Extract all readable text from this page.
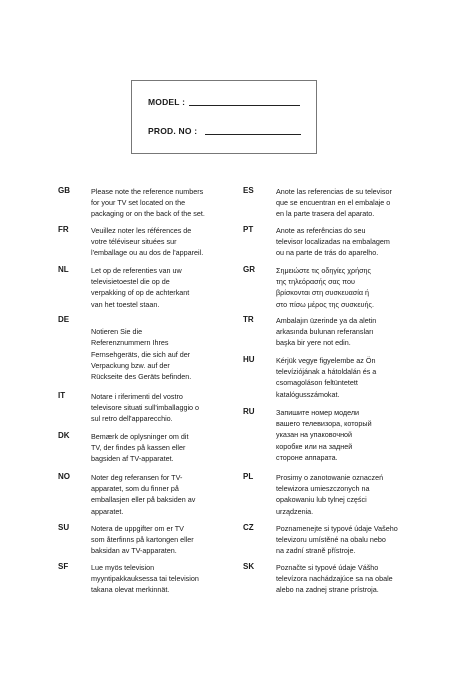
MODEL :
PROD. NO :
GB	Please note the reference numbers
for your TV set located on the
packaging or on the back of the set.
FR	Veuillez noter les références de
votre téléviseur situées sur
l'emballage ou au dos de l'appareil.
NL	Let op de referenties van uw
televisietoestel die op de
verpakking of op de achterkant
van het toestel staan.
DE
Notieren Sie die
Referenznummern Ihres
Fernsehgeräts, die sich auf der
Verpackung bzw. auf der
Rückseite des Geräts befinden.
IT	Notare i riferimenti del vostro
televisore situati sull'imballaggio o
sul retro dell'apparecchio.
DK	Bemærk de oplysninger om dit
TV, der findes på kassen eller
bagsiden af TV-apparatet.
NO	Noter deg referansen for TV-
apparatet, som du finner på
emballasjen eller på baksiden av
apparatet.
SU	Notera de uppgifter om er TV
som återfinns på kartongen eller
baksidan av TV-apparaten.
SF	Lue myös television
myyntipakkauksessa tai television
takana olevat merkinnät.
ES	Anote las referencias de su televisor
que se encuentran en el embalaje o
en la parte trasera del aparato.
PT	Anote as referências do seu
televisor localizadas na embalagem
ou na parte de trás do aparelho.
GR	Σημειώστε τις οδηγίες χρήσης
της τηλεόρασής σας που
βρίσκονται στη συσκευασία ή
στο πίσω μέρος της συσκευής.
TR	Ambalajın üzerinde ya da aletin
arkasında bulunan referansları
başka bir yere not edin.
HU	Kérjük vegye figyelembe az Ön
televíziójának a hátoldalán és a
csomagoláson feltüntetett
katalógusszámokat.
RU	Запишите номер модели
вашего телевизора, который
указан на упаковочной
коробке или на задней
стороне аппарата.
PL	Prosimy o zanotowanie oznaczeń
telewizora umieszczonych na
opakowaniu lub tylnej części
urządzenia.
CZ	Poznamenejte si typové údaje Vašeho
televizoru umístěné na obalu nebo
na zadní straně přístroje.
SK	Poznačte si typové údaje Vášho
televízora nachádzajúce sa na obale
alebo na zadnej strane prístroja.
